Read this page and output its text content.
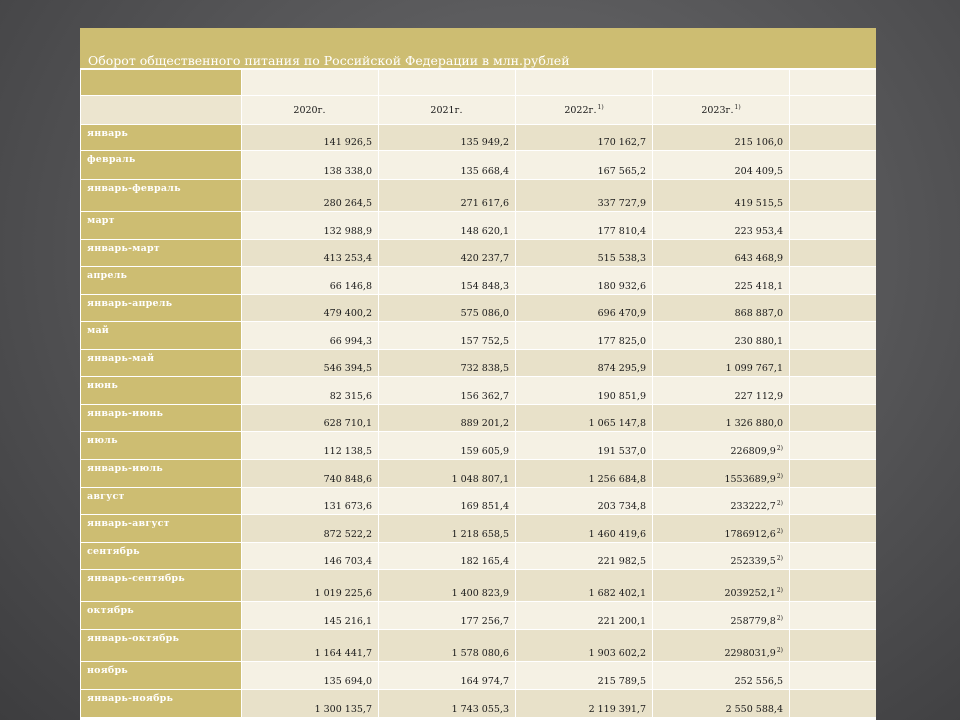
Оборот общественного питания по Российской Федерации в млн.рублей

	2020г.	2021г.	2022г.$^{1)}$	2023г.$^{1)}$	
январь	141 926,5	135 949,2	170 162,7	215 106,0	
февраль	138 338,0	135 668,4	167 565,2	204 409,5	
январь-февраль	280 264,5	271 617,6	337 727,9	419 515,5	
март	132 988,9	148 620,1	177 810,4	223 953,4	
январь-март	413 253,4	420 237,7	515 538,3	643 468,9	
апрель	66 146,8	154 848,3	180 932,6	225 418,1	
январь-апрель	479 400,2	575 086,0	696 470,9	868 887,0	
май	66 994,3	157 752,5	177 825,0	230 880,1	
январь-май	546 394,5	732 838,5	874 295,9	1 099 767,1	
июнь	82 315,6	156 362,7	190 851,9	227 112,9	
январь-июнь	628 710,1	889 201,2	1 065 147,8	1 326 880,0	
июль	112 138,5	159 605,9	191 537,0	226809,9$^{2)}$	
январь-июль	740 848,6	1 048 807,1	1 256 684,8	1553689,9$^{2)}$	
август	131 673,6	169 851,4	203 734,8	233222,7$^{2)}$	
январь-август	872 522,2	1 218 658,5	1 460 419,6	1786912,6$^{2)}$	
сентябрь	146 703,4	182 165,4	221 982,5	252339,5$^{2)}$	
январь-сентябрь	1 019 225,6	1 400 823,9	1 682 402,1	2039252,1$^{2)}$	
октябрь	145 216,1	177 256,7	221 200,1	258779,8$^{2)}$	
январь-октябрь	1 164 441,7	1 578 080,6	1 903 602,2	2298031,9$^{2)}$	
ноябрь	135 694,0	164 974,7	215 789,5	252 556,5	
январь-ноябрь	1 300 135,7	1 743 055,3	2 119 391,7	2 550 588,4	
